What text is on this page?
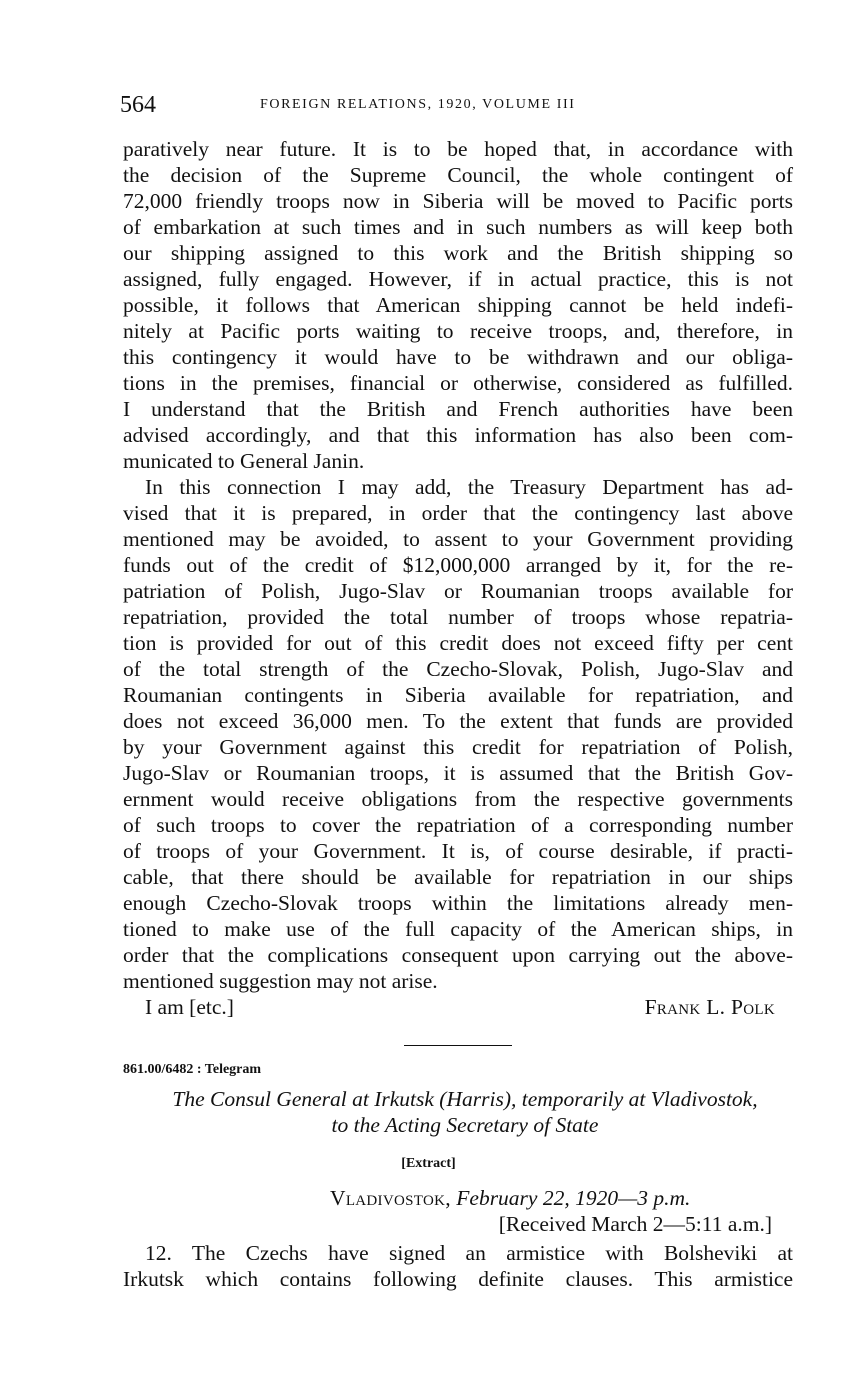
564	FOREIGN RELATIONS, 1920, VOLUME III
paratively near future. It is to be hoped that, in accordance with
the decision of the Supreme Council, the whole contingent of
72,000 friendly troops now in Siberia will be moved to Pacific ports
of embarkation at such times and in such numbers as will keep both
our shipping assigned to this work and the British shipping so
assigned, fully engaged. However, if in actual practice, this is not
possible, it follows that American shipping cannot be held indefi-
nitely at Pacific ports waiting to receive troops, and, therefore, in
this contingency it would have to be withdrawn and our obliga-
tions in the premises, financial or otherwise, considered as fulfilled.
I understand that the British and French authorities have been
advised accordingly, and that this information has also been com-
municated to General Janin.
In this connection I may add, the Treasury Department has ad-
vised that it is prepared, in order that the contingency last above
mentioned may be avoided, to assent to your Government providing
funds out of the credit of $12,000,000 arranged by it, for the re-
patriation of Polish, Jugo-Slav or Roumanian troops available for
repatriation, provided the total number of troops whose repatria-
tion is provided for out of this credit does not exceed fifty per cent
of the total strength of the Czecho-Slovak, Polish, Jugo-Slav and
Roumanian contingents in Siberia available for repatriation, and
does not exceed 36,000 men. To the extent that funds are provided
by your Government against this credit for repatriation of Polish,
Jugo-Slav or Roumanian troops, it is assumed that the British Gov-
ernment would receive obligations from the respective governments
of such troops to cover the repatriation of a corresponding number
of troops of your Government. It is, of course desirable, if practi-
cable, that there should be available for repatriation in our ships
enough Czecho-Slovak troops within the limitations already men-
tioned to make use of the full capacity of the American ships, in
order that the complications consequent upon carrying out the above-
mentioned suggestion may not arise.
I am [etc.]	Frank L. Polk
861.00/6482 : Telegram
The Consul General at Irkutsk (Harris), temporarily at Vladivostok,
to the Acting Secretary of State
[Extract]
Vladivostok, February 22, 1920—3 p.m.
[Received March 2—5:11 a.m.]
12. The Czechs have signed an armistice with Bolsheviki at
Irkutsk which contains following definite clauses. This armistice
